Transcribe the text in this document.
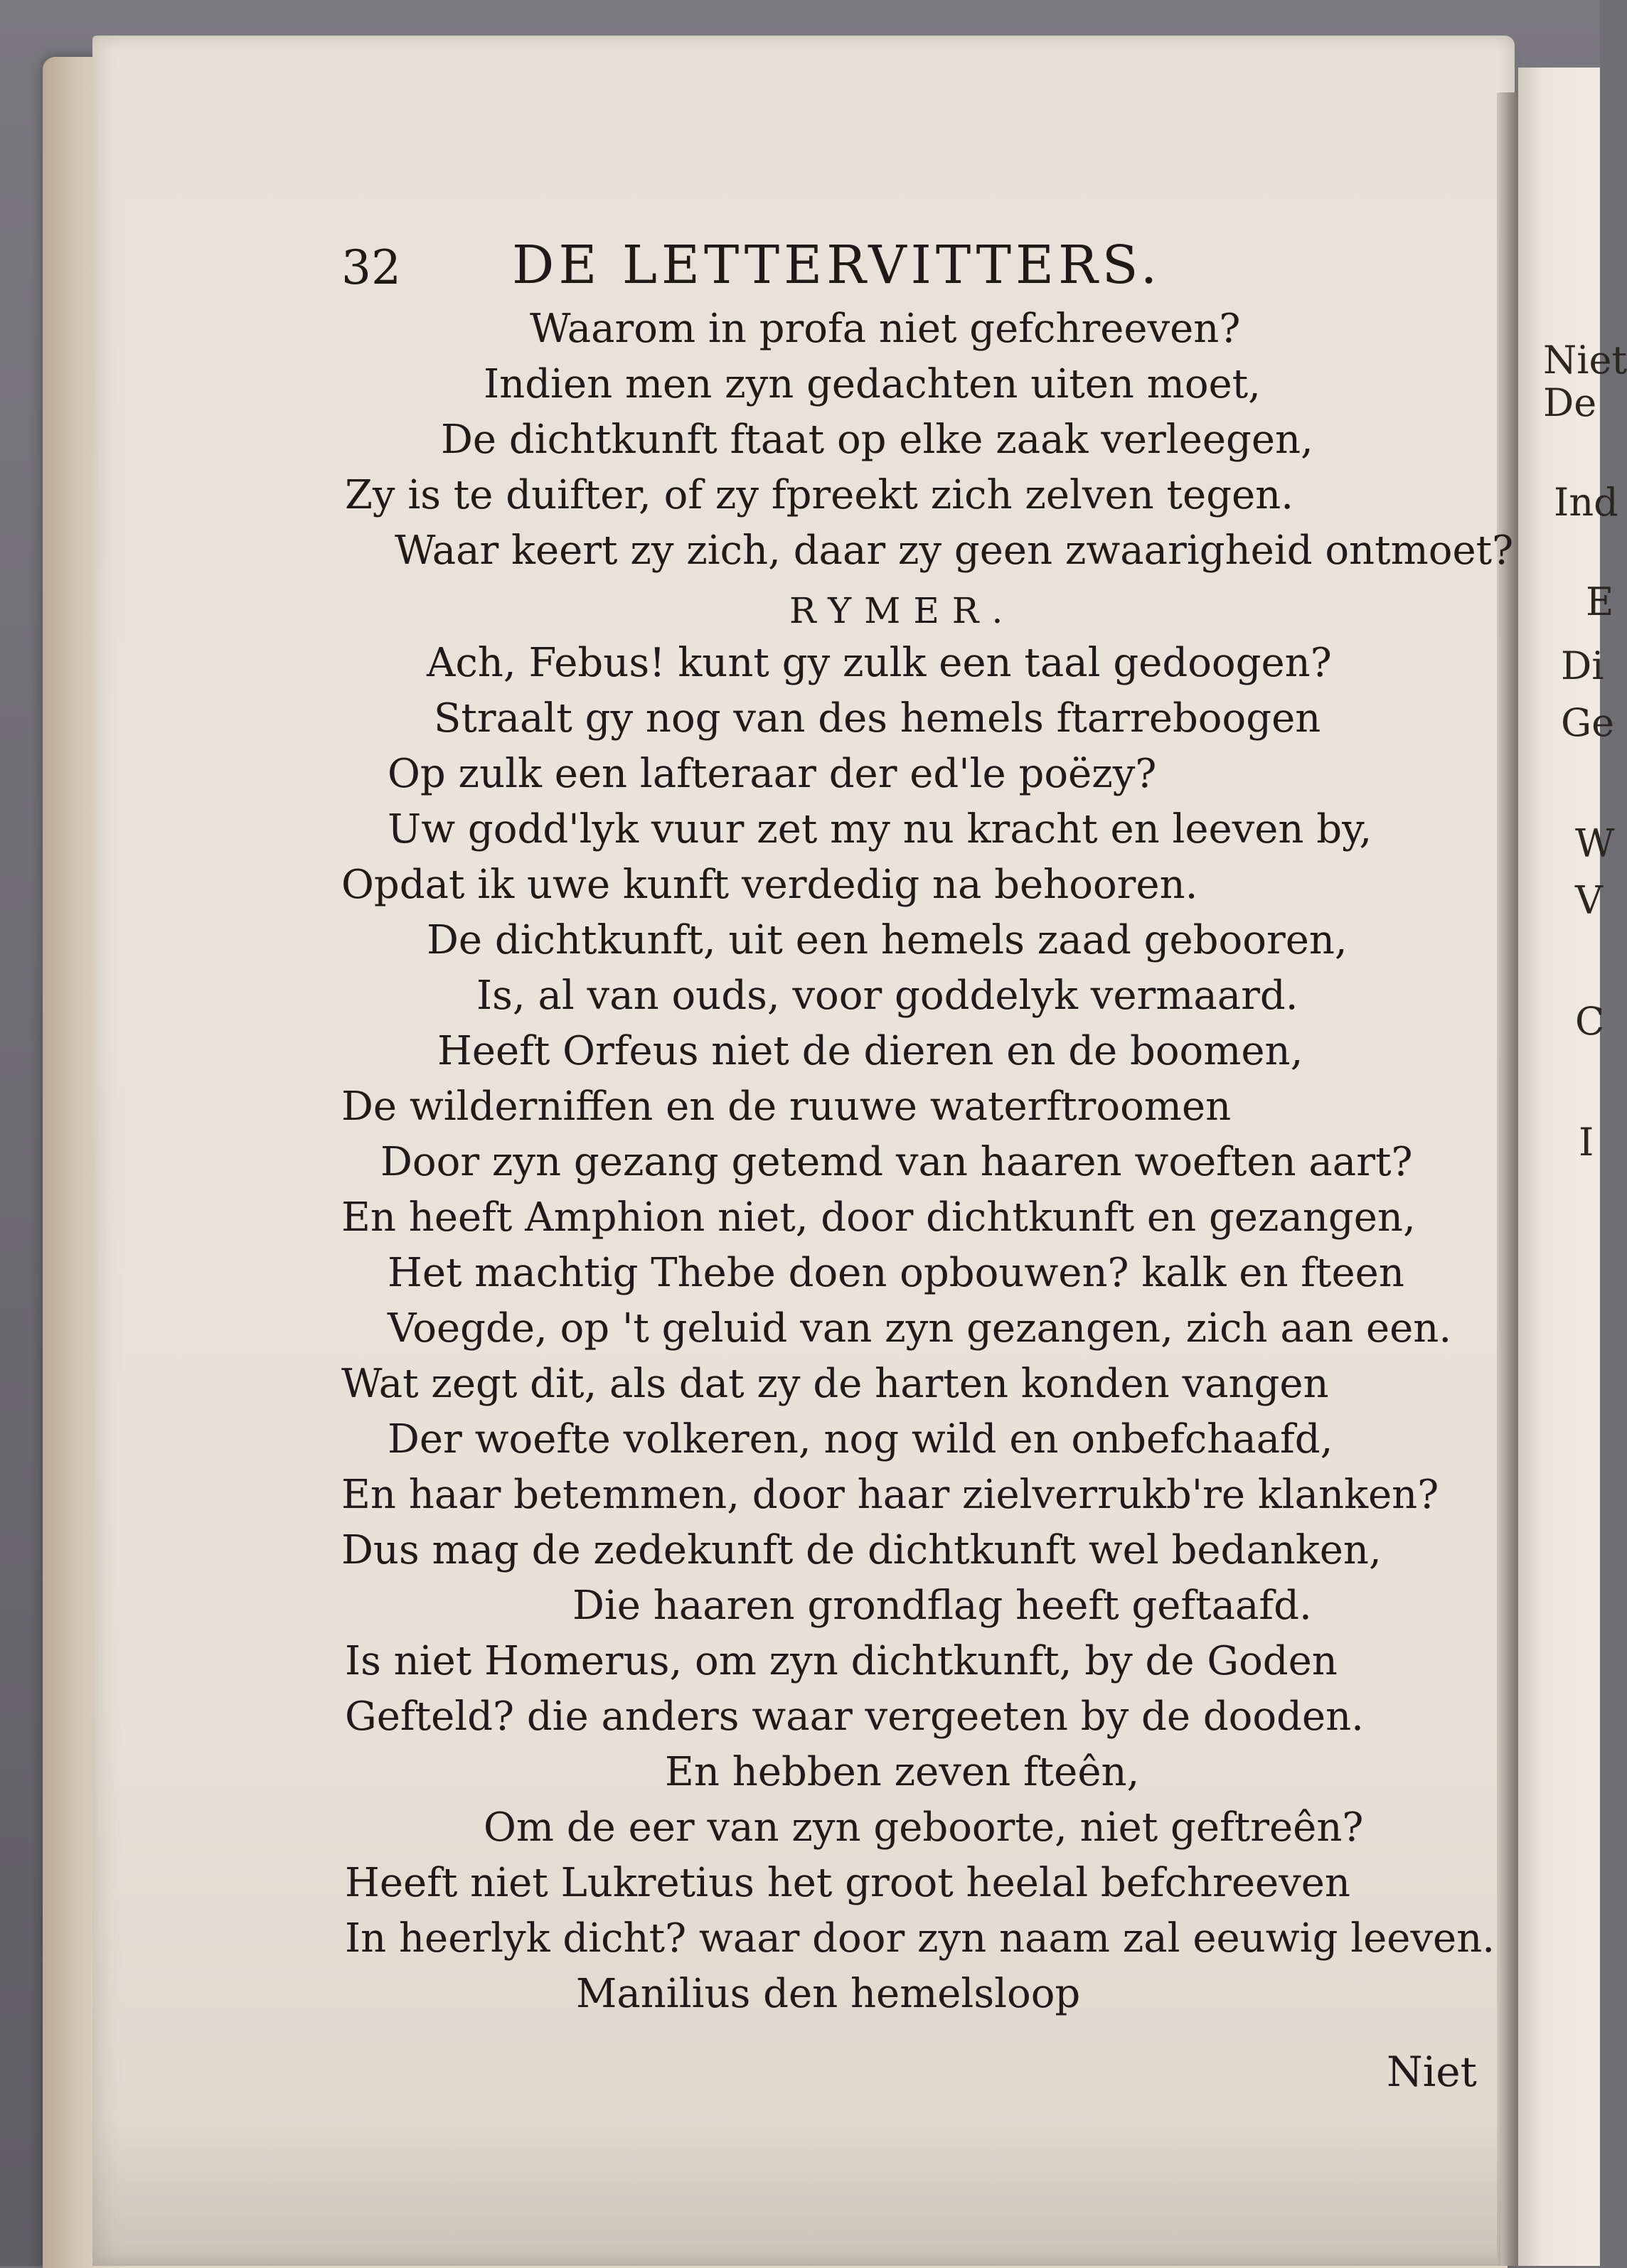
Niet
De
Ind
E
Di
Ge
W
V
C
I
32 DE LETTERVITTERS.
Waarom in profa niet gefchreeven?
Indien men zyn gedachten uiten moet,
De dichtkunft ftaat op elke zaak verleegen,
Zy is te duifter, of zy fpreekt zich zelven tegen.
Waar keert zy zich, daar zy geen zwaarigheid ontmoet?
RYMER.
Ach, Febus! kunt gy zulk een taal gedoogen?
Straalt gy nog van des hemels ftarreboogen
Op zulk een lafteraar der ed'le poëzy?
Uw godd'lyk vuur zet my nu kracht en leeven by,
Opdat ik uwe kunft verdedig na behooren.
De dichtkunft, uit een hemels zaad gebooren,
Is, al van ouds, voor goddelyk vermaard.
Heeft Orfeus niet de dieren en de boomen,
De wilderniffen en de ruuwe waterftroomen
Door zyn gezang getemd van haaren woeften aart?
En heeft Amphion niet, door dichtkunft en gezangen,
Het machtig Thebe doen opbouwen? kalk en fteen
Voegde, op 't geluid van zyn gezangen, zich aan een.
Wat zegt dit, als dat zy de harten konden vangen
Der woefte volkeren, nog wild en onbefchaafd,
En haar betemmen, door haar zielverrukb're klanken?
Dus mag de zedekunft de dichtkunft wel bedanken,
Die haaren grondflag heeft geftaafd.
Is niet Homerus, om zyn dichtkunft, by de Goden
Gefteld? die anders waar vergeeten by de dooden.
En hebben zeven fteên,
Om de eer van zyn geboorte, niet geftreên?
Heeft niet Lukretius het groot heelal befchreeven
In heerlyk dicht? waar door zyn naam zal eeuwig leeven.
Manilius den hemelsloop
Niet
